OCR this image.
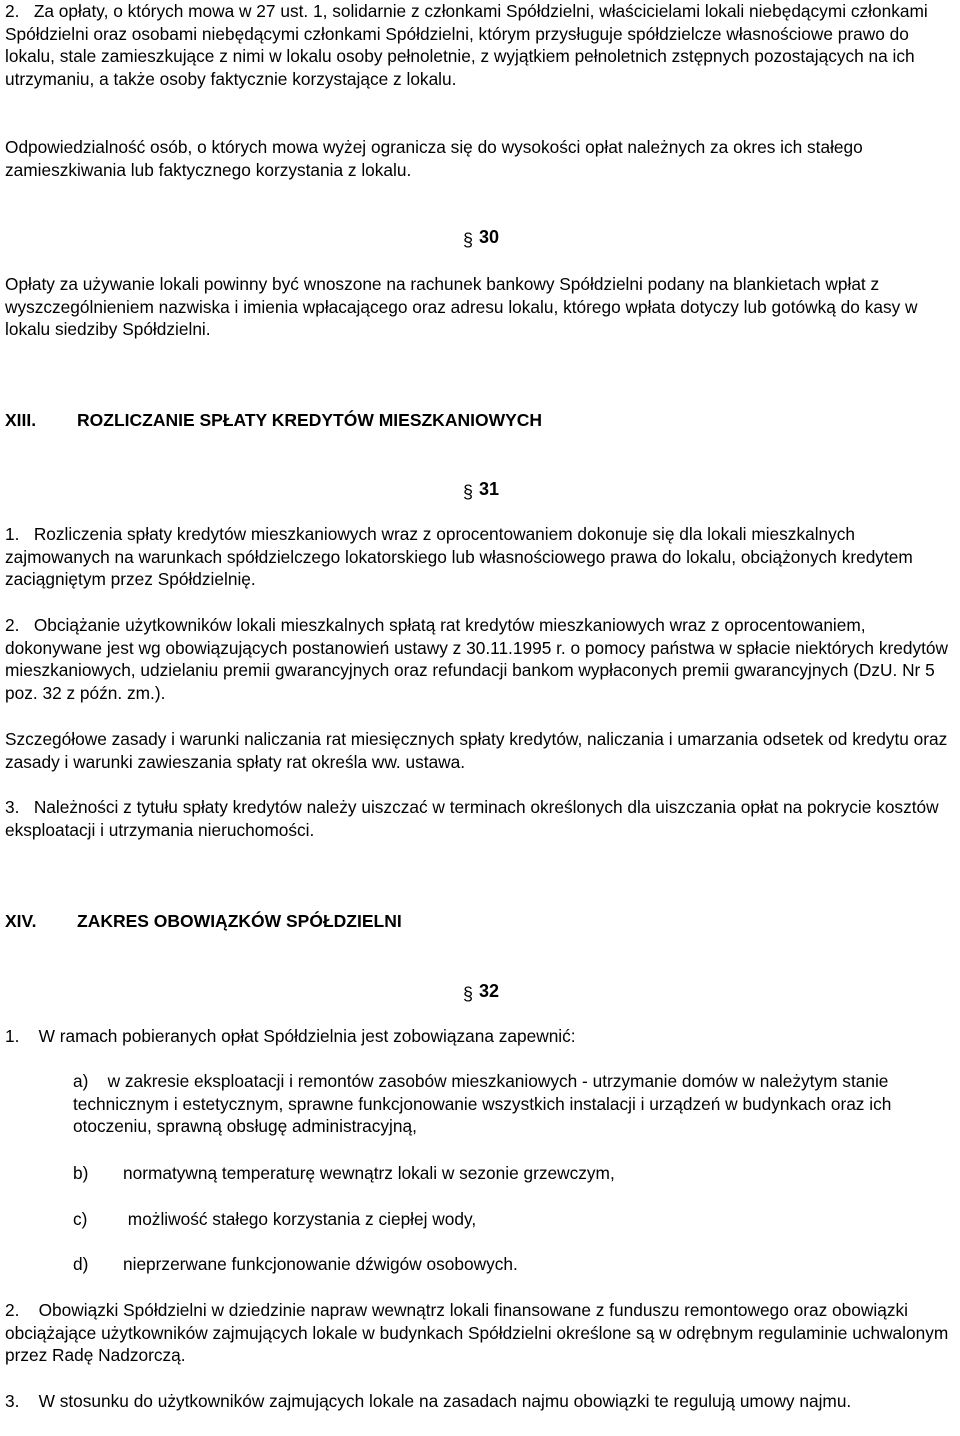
2.   Za opłaty, o których mowa w 27 ust. 1, solidarnie z członkami Spółdzielni, właścicielami lokali niebędącymi członkami Spółdzielni oraz osobami niebędącymi członkami Spółdzielni, którym przysługuje spółdzielcze własnościowe prawo do lokalu, stale zamieszkujące z nimi w lokalu osoby pełnoletnie, z wyjątkiem pełnoletnich zstępnych pozostających na ich utrzymaniu, a także osoby faktycznie korzystające z lokalu.

Odpowiedzialność osób, o których mowa wyżej ogranicza się do wysokości opłat należnych za okres ich stałego zamieszkiwania lub faktycznego korzystania z lokalu.

§ 30

Opłaty za używanie lokali powinny być wnoszone na rachunek bankowy Spółdzielni podany na blankietach wpłat z wyszczególnieniem nazwiska i imienia wpłacającego oraz adresu lokalu, którego wpłata dotyczy lub gotówką do kasy w lokalu siedziby Spółdzielni.

XIII. ROZLICZANIE SPŁATY KREDYTÓW MIESZKANIOWYCH
§ 31

1.   Rozliczenia spłaty kredytów mieszkaniowych wraz z oprocentowaniem dokonuje się dla lokali mieszkalnych zajmowanych na warunkach spółdzielczego lokatorskiego lub własnościowego prawa do lokalu, obciążonych kredytem zaciągniętym przez Spółdzielnię.

2.   Obciążanie użytkowników lokali mieszkalnych spłatą rat kredytów mieszkaniowych wraz z oprocentowaniem, dokonywane jest wg obowiązujących postanowień ustawy z 30.11.1995 r. o pomocy państwa w spłacie niektórych kredytów mieszkaniowych, udzielaniu premii gwarancyjnych oraz refundacji bankom wypłaconych premii gwarancyjnych (DzU. Nr 5 poz. 32 z późn. zm.).

Szczegółowe zasady i warunki naliczania rat miesięcznych spłaty kredytów, naliczania i umarzania odsetek od kredytu oraz zasady i warunki zawieszania spłaty rat określa ww. ustawa.

3.   Należności z tytułu spłaty kredytów należy uiszczać w terminach określonych dla uiszczania opłat na pokrycie kosztów eksploatacji i utrzymania nieruchomości.

XIV. ZAKRES OBOWIĄZKÓW SPÓŁDZIELNI
§ 32

1.    W ramach pobieranych opłat Spółdzielnia jest zobowiązana zapewnić:

a)    w zakresie eksploatacji i remontów zasobów mieszkaniowych - utrzymanie domów w należytym stanie technicznym i estetycznym, sprawne funkcjonowanie wszystkich instalacji i urządzeń w budynkach oraz ich otoczeniu, sprawną obsługę administracyjną,
b) normatywną temperaturę wewnątrz lokali w sezonie grzewczym,
c) możliwość stałego korzystania z ciepłej wody,
d) nieprzerwane funkcjonowanie dźwigów osobowych.

2.    Obowiązki Spółdzielni w dziedzinie napraw wewnątrz lokali finansowane z funduszu remontowego oraz obowiązki obciążające użytkowników zajmujących lokale w budynkach Spółdzielni określone są w odrębnym regulaminie uchwalonym przez Radę Nadzorczą.

3.    W stosunku do użytkowników zajmujących lokale na zasadach najmu obowiązki te regulują umowy najmu.
